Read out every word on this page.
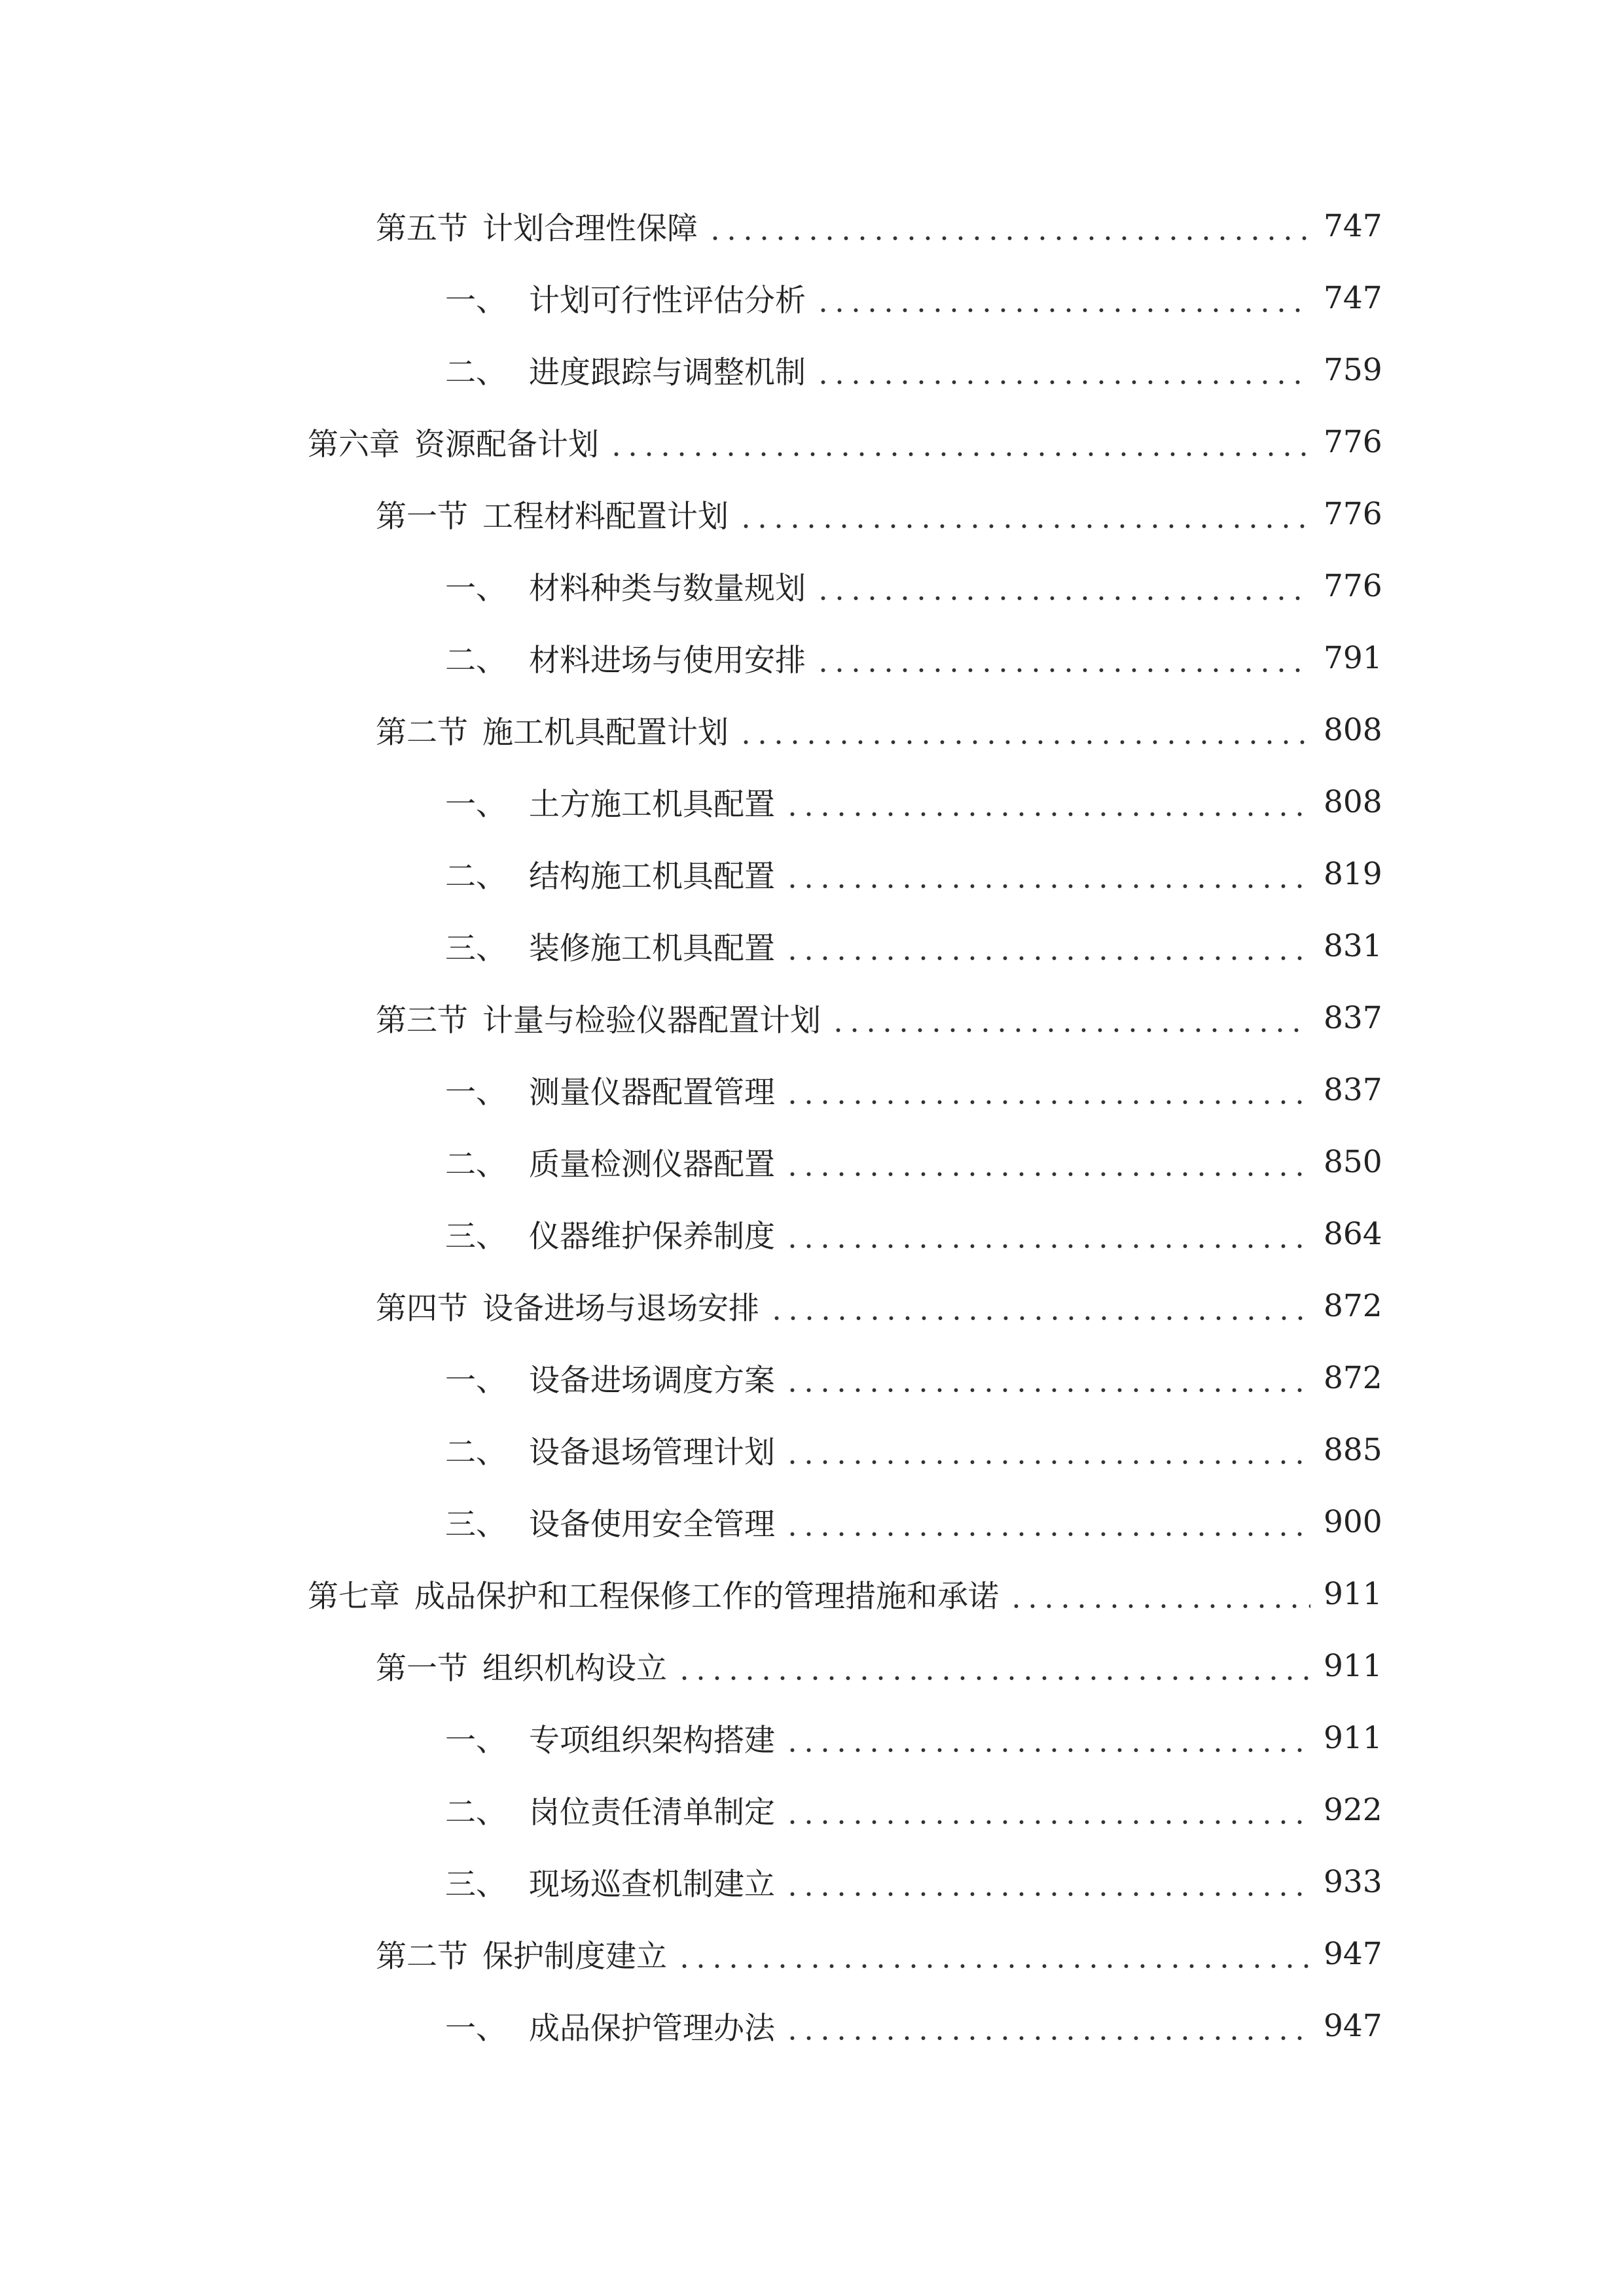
第五节 计划合理性保障	747
一、 计划可行性评估分析	747
二、 进度跟踪与调整机制	759
第六章 资源配备计划	776
第一节 工程材料配置计划	776
一、 材料种类与数量规划	776
二、 材料进场与使用安排	791
第二节 施工机具配置计划	808
一、 土方施工机具配置	808
二、 结构施工机具配置	819
三、 装修施工机具配置	831
第三节 计量与检验仪器配置计划	837
一、 测量仪器配置管理	837
二、 质量检测仪器配置	850
三、 仪器维护保养制度	864
第四节 设备进场与退场安排	872
一、 设备进场调度方案	872
二、 设备退场管理计划	885
三、 设备使用安全管理	900
第七章 成品保护和工程保修工作的管理措施和承诺	911
第一节 组织机构设立	911
一、 专项组织架构搭建	911
二、 岗位责任清单制定	922
三、 现场巡查机制建立	933
第二节 保护制度建立	947
一、 成品保护管理办法	947
